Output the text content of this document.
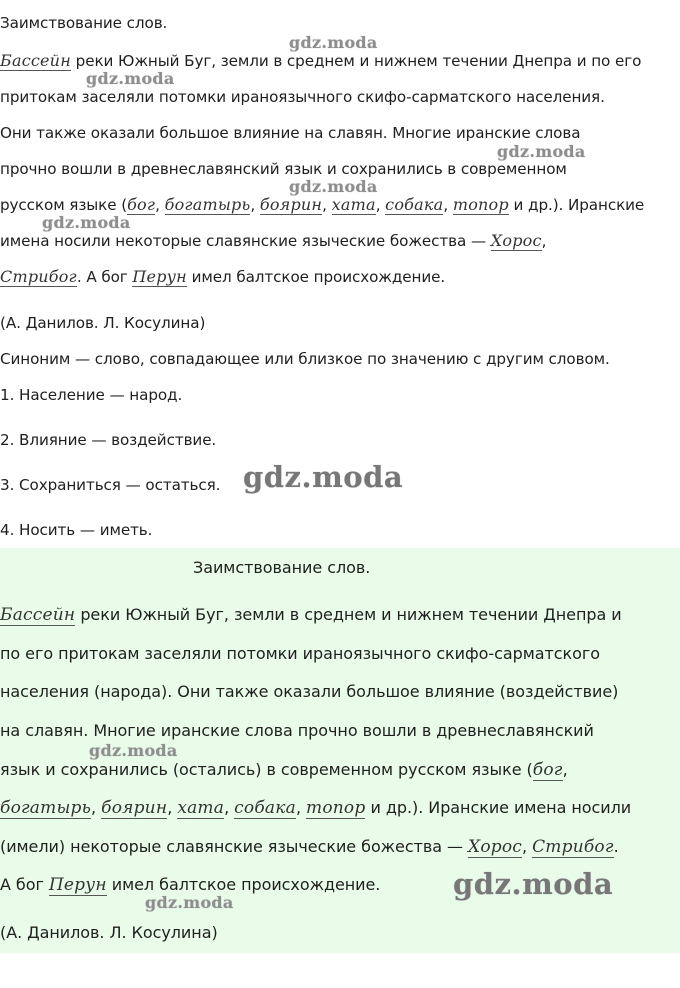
Заимствование слов.
Бассейн реки Южный Буг, земли в среднем и нижнем течении Днепра и по его
притокам заселяли потомки ираноязычного скифо-сарматского населения.
Они также оказали большое влияние на славян. Многие иранские слова
прочно вошли в древнеславянский язык и сохранились в современном
русском языке (бог, богатырь, боярин, хата, собака, топор и др.). Иранские
имена носили некоторые славянские языческие божества — Хорос,
Стрибог. А бог Перун имел балтское происхождение.
(А. Данилов. Л. Косулина)
Синоним — слово, совпадающее или близкое по значению с другим словом.
1. Население — народ.
2. Влияние — воздействие.
3. Сохраниться — остаться.
4. Носить — иметь.
Заимствование слов.
Бассейн реки Южный Буг, земли в среднем и нижнем течении Днепра и
по его притокам заселяли потомки ираноязычного скифо-сарматского
населения (народа). Они также оказали большое влияние (воздействие)
на славян. Многие иранские слова прочно вошли в древнеславянский
язык и сохранились (остались) в современном русском языке (бог,
богатырь, боярин, хата, собака, топор и др.). Иранские имена носили
(имели) некоторые славянские языческие божества — Хорос, Стрибог.
А бог Перун имел балтское происхождение.
(А. Данилов. Л. Косулина)
gdz.moda
gdz.moda
gdz.moda
gdz.moda
gdz.moda
gdz.moda
gdz.moda
gdz.moda
gdz.moda
